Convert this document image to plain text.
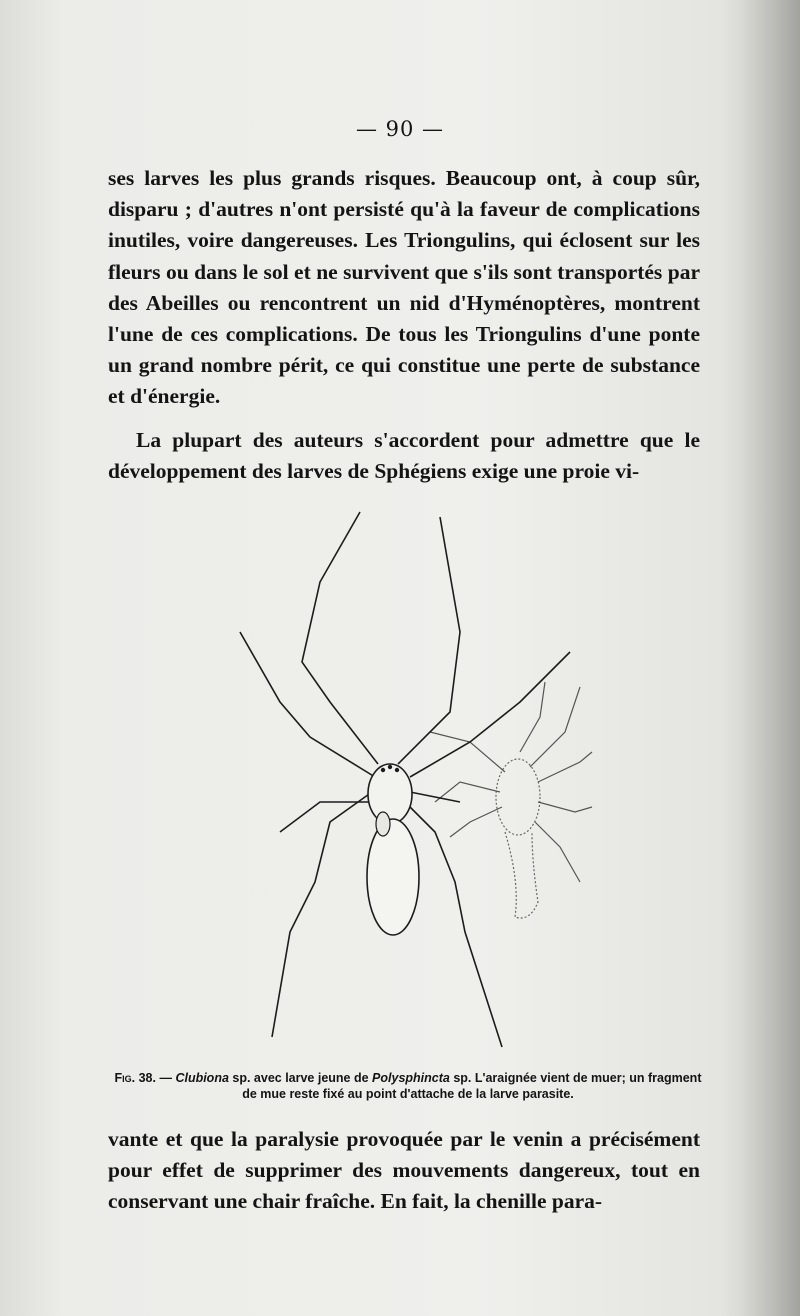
— 90 —

ses larves les plus grands risques. Beaucoup ont, à coup sûr, disparu ; d'autres n'ont persisté qu'à la faveur de complications inutiles, voire dangereuses. Les Triongulins, qui éclosent sur les fleurs ou dans le sol et ne survivent que s'ils sont transportés par des Abeilles ou rencontrent un nid d'Hyménoptères, montrent l'une de ces complications. De tous les Triongulins d'une ponte un grand nombre périt, ce qui constitue une perte de substance et d'énergie.

La plupart des auteurs s'accordent pour admettre que le développement des larves de Sphégiens exige une proie vi-

Fig. 38. — Clubiona sp. avec larve jeune de Polysphincta sp. L'araignée vient de muer; un fragment de mue reste fixé au point d'attache de la larve parasite.

vante et que la paralysie provoquée par le venin a précisément pour effet de supprimer des mouvements dangereux, tout en conservant une chair fraîche. En fait, la chenille para-
